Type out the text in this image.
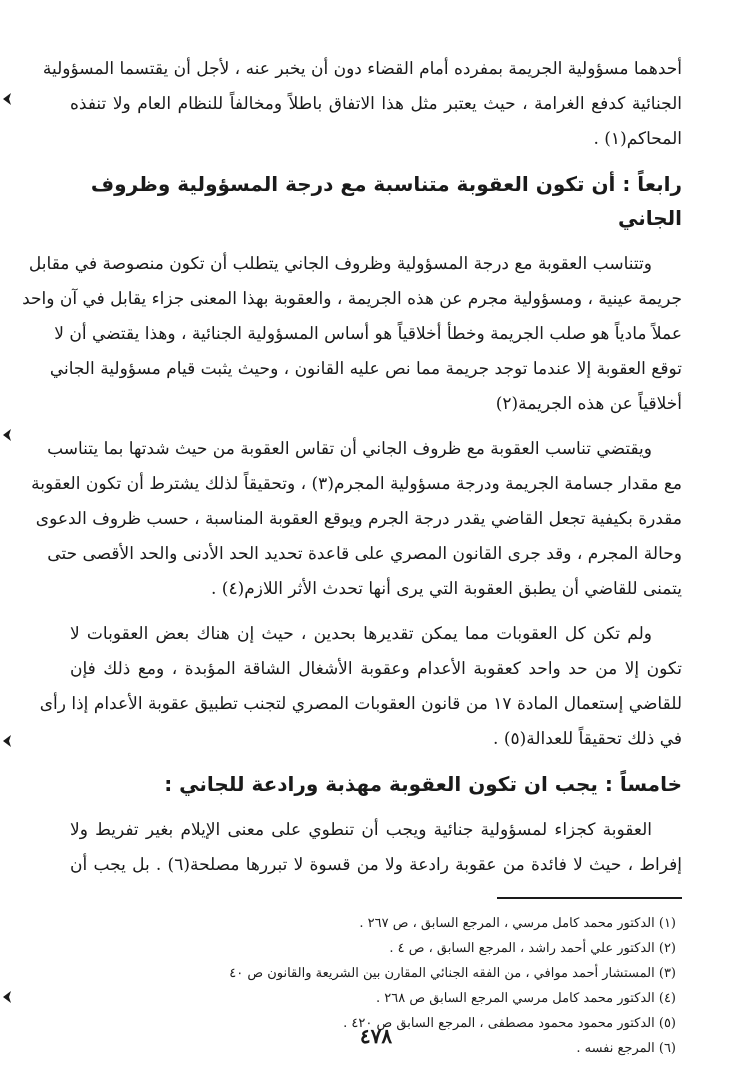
أحدهما مسؤولية الجريمة بمفرده أمام القضاء دون أن يخبر عنه ، لأجل أن يقتسما المسؤولية
الجنائية كدفع الغرامة ، حيث يعتبر مثل هذا الاتفاق باطلاً ومخالفاً للنظام العام ولا تنفذه
المحاكم(١) .
رابعاً : أن تكون العقوبة متناسبة مع درجة المسؤولية وظروف الجاني
وتتناسب العقوبة مع درجة المسؤولية وظروف الجاني يتطلب أن تكون منصوصة في مقابل
جريمة عينية ، ومسؤولية مجرم عن هذه الجريمة ، والعقوبة بهذا المعنى جزاء يقابل في آن واحد
عملاً مادياً هو صلب الجريمة وخطأ أخلاقياً هو أساس المسؤولية الجنائية ، وهذا يقتضي أن لا
توقع العقوبة إلا عندما توجد جريمة مما نص عليه القانون ، وحيث يثبت قيام مسؤولية الجاني
أخلاقياً عن هذه الجريمة(٢)
ويقتضي تناسب العقوبة مع ظروف الجاني أن تقاس العقوبة من حيث شدتها بما يتناسب
مع مقدار جسامة الجريمة ودرجة مسؤولية المجرم(٣) ، وتحقيقاً لذلك يشترط أن تكون العقوبة
مقدرة بكيفية تجعل القاضي يقدر درجة الجرم ويوقع العقوبة المناسبة ، حسب ظروف الدعوى
وحالة المجرم ، وقد جرى القانون المصري على قاعدة تحديد الحد الأدنى والحد الأقصى حتى
يتمنى للقاضي أن يطبق العقوبة التي يرى أنها تحدث الأثر اللازم(٤) .
ولم تكن كل العقوبات مما يمكن تقديرها بحدين ، حيث إن هناك بعض العقوبات لا
تكون إلا من حد واحد كعقوبة الأعدام وعقوبة الأشغال الشاقة المؤبدة ، ومع ذلك فإن
للقاضي إستعمال المادة ١٧ من قانون العقوبات المصري لتجنب تطبيق عقوبة الأعدام إذا رأى
في ذلك تحقيقاً للعدالة(٥) .
خامساً : يجب ان تكون العقوبة مهذبة ورادعة للجاني :
العقوبة كجزاء لمسؤولية جنائية ويجب أن تنطوي على معنى الإيلام بغير تفريط ولا
إفراط ، حيث لا فائدة من عقوبة رادعة ولا من قسوة لا تبررها مصلحة(٦) . بل يجب أن
(١) الدكتور محمد كامل مرسي ، المرجع السابق ، ص ٢٦٧ .
(٢) الدكتور علي أحمد راشد ، المرجع السابق ، ص ٤ .
(٣) المستشار أحمد موافي ، من الفقه الجنائي المقارن بين الشريعة والقانون ص ٤٠
(٤) الدكتور محمد كامل مرسي المرجع السابق ص ٢٦٨ .
(٥) الدكتور محمود محمود مصطفى ، المرجع السابق ص ٤٢٠ .
(٦) المرجع نفسه .
٤٧٨
